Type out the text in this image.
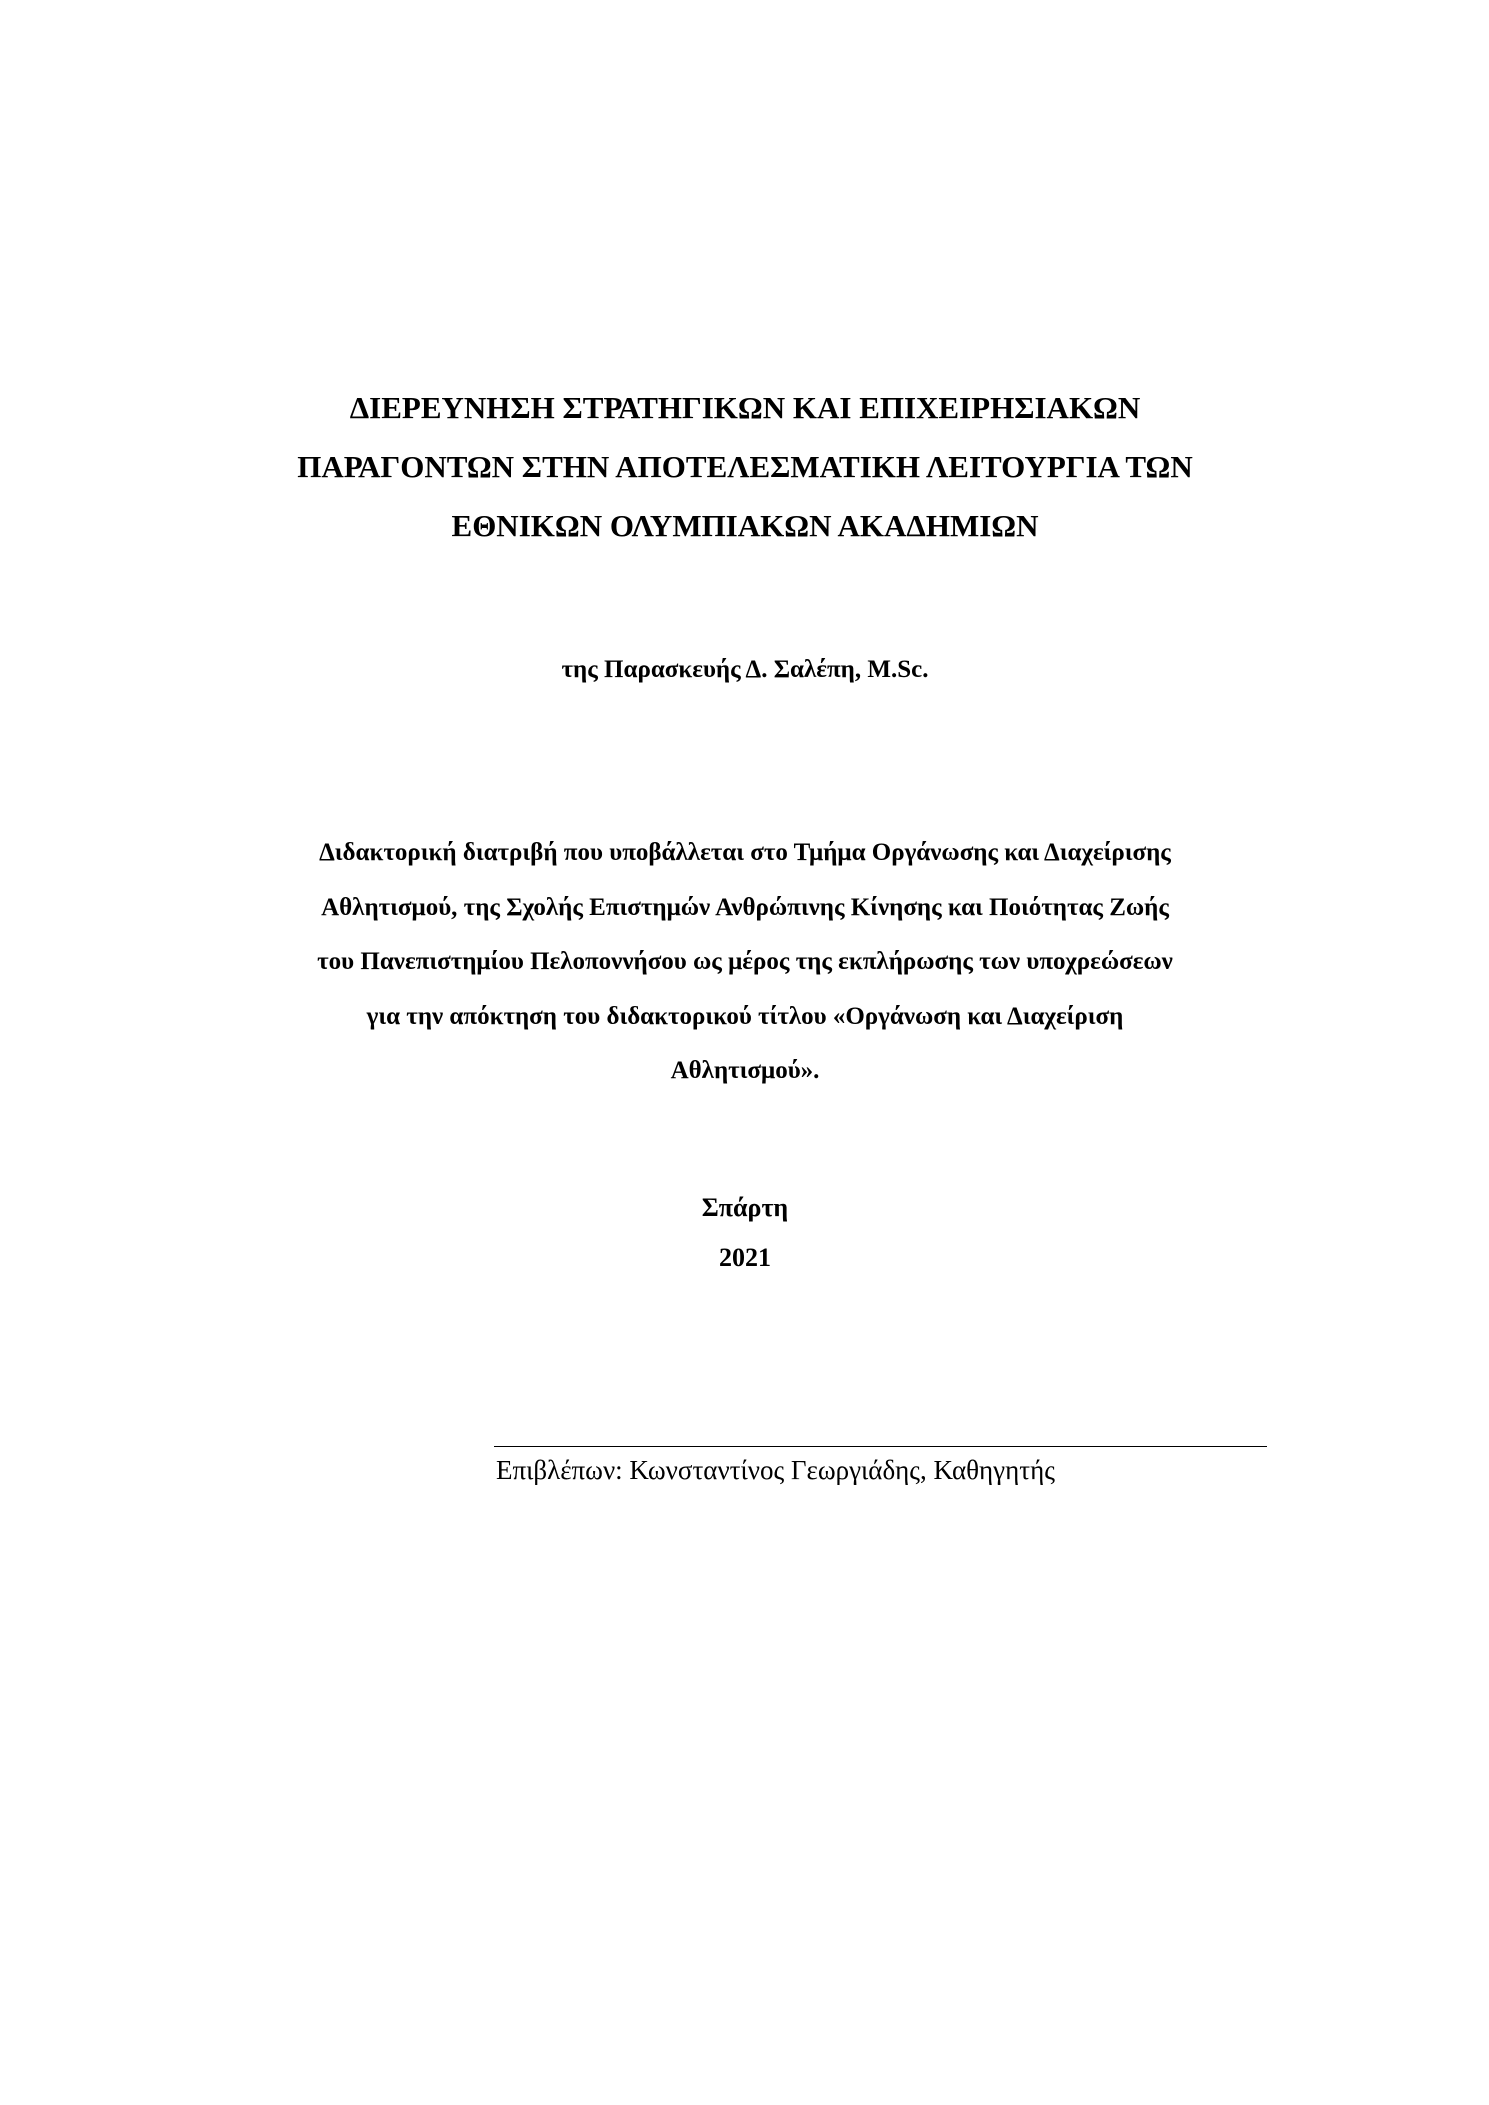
ΔΙΕΡΕΥΝΗΣΗ ΣΤΡΑΤΗΓΙΚΩΝ ΚΑΙ ΕΠΙΧΕΙΡΗΣΙΑΚΩΝ
ΠΑΡΑΓΟΝΤΩΝ ΣΤΗΝ ΑΠΟΤΕΛΕΣΜΑΤΙΚΗ ΛΕΙΤΟΥΡΓΙΑ ΤΩΝ
ΕΘΝΙΚΩΝ ΟΛΥΜΠΙΑΚΩΝ ΑΚΑΔΗΜΙΩΝ

της Παρασκευής Δ. Σαλέπη, M.Sc.

Διδακτορική διατριβή που υποβάλλεται στο Τμήμα Οργάνωσης και Διαχείρισης
Αθλητισμού, της Σχολής Επιστημών Ανθρώπινης Κίνησης και Ποιότητας Ζωής
του Πανεπιστημίου Πελοποννήσου ως μέρος της εκπλήρωσης των υποχρεώσεων
για την απόκτηση του διδακτορικού τίτλου «Οργάνωση και Διαχείριση
Αθλητισμού».

Σπάρτη

2021

Επιβλέπων: Κωνσταντίνος Γεωργιάδης, Καθηγητής
